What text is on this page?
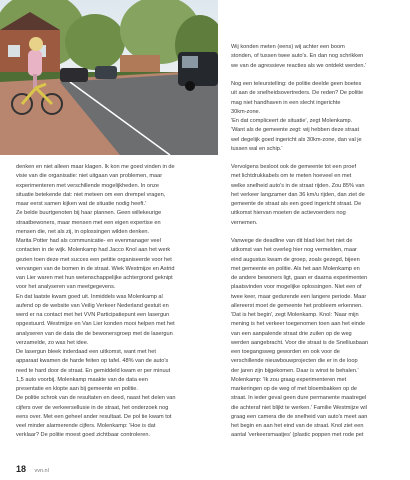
Wij konden meten (eens) wij achter een boom

stonden, of tussen twee auto's. En dan nog schrikken

we van de agressieve reacties als we ontdekt werden.'

Nog een teleurstelling: de politie deelde geen boetes

uit aan de snelheidsovertreders. De reden? De politie

mag niet handhaven in een slecht ingerichte

30km-zone.

'En dat compliceert de situatie', zegt Molenkamp.

'Want als de gemeente zegt: wij hebben deze straat

wel degelijk goed ingericht als 30km-zone, dan val je

tussen wal en schip.'

denken en niet alleen maar klagen. Ik kon me goed vinden in de

visie van die organisatie: niet uitgaan van problemen, maar

experimenteren met verschillende mogelijkheden. In onze

situatie betekende dat: niet meteen om een drempel vragen,

maar eerst samen kijken wat de situatie nodig heeft.'

Ze belde buurtgenoten bij haar plannen. Geen willekeurige

straatbewoners, maar mensen met een eigen expertise en

mensen die, net als zij, in oplossingen wilden denken.

Marita Potter had als communicatie- en evenmanager veel

contacten in de wijk. Molenkamp had Jacco Knol aan het werk

gezien toen deze met succes een petitie organiseerde voor het

vervangen van de bomen in de straat. Wiek Westmijze en Astrid

van Lier waren met hun wetenschappelijke achtergrond geknipt

voor het analyseren van meetgegevens.

En dat laatste kwam goed uit. Inmiddels was Molenkamp al

aufend op de website van Veilig Verkeer Nederland gestuit en

werd er na contact met het VVN Participatiepunt een lasergun

opgestuurd. Westmijze en Van Lier konden mooi helpen met het

analyseren van de data die de bewonersgroep met de lasergun

verzamelde, zo was het idee.

De lasergun bleek inderdaad een uitkomst, want met het

apparaat kwamen de harde feiten op tafel. 48% van de auto's

reed te hard door de straat. En gemiddeld kwam er per minuut

1,5 auto voorbij. Molenkamp maakte van de data een

presentatie en klopte aan bij gemeente en politie.

De politie schrok van de resultaten en deed, naast het delen van

cijfers over de verkeersellusie in de straat, het onderzoek nog

eens over. Met een geheel ander resultaat. De pol tie kwam tot

veel minder alarmerende cijfers. Molenkamp: 'Hoe is dat

verklaar? De politie moest goed zichtbaar controleren.

Vervolgens besloot ook de gemeente tot een proef

met lichtdrukkabels om te meten hoeveel en met

welke snelheid auto's in de straat rijden. Zou 85% van

het verkeer langzamer dan 36 km/u rijden, dan ziet de

gemeente de straat als een goed ingericht straat. De

uitkomst hiervan moeten de actievoerders nog

vernemen.

Vanwege de deadline van dit blad kiet het niet de

uitkomst van het overleg hier nog vermelden, maar

eind augustus kwam de groep, zoals gezegd, bijeen

met gemeente en politie. Als het aan Molenkamp en

de andere bewoners ligt, gaan er daarna experimenten

plaatsvinden voor mogelijke oplossingen. Niet een of

twee keer, maar gedurende een langere periode. Maar

allereerst moet de gemeente het probleem erkennen.

'Dat is het begin', zegt Molenkamp. Knol: 'Naar mijn

mening is het verkeer toegenomen toen aan het einde

van een aanpalende straat drie zuilen op de weg

werden aangebracht. Voor die straat is de Snelliusbaan

een toegangsweg geworden en ook voor de

verschillende nieuwbouwprojecten die er in de loop

der jaren zijn bijgekomen. Daar is winst te behalen.'

Molenkamp: 'Ik zou graag experimenteren met

markeringen op de weg of met bloembakken op de

straat. In ieder geval geen dure permanente maatregel

die achteraf niet blijkt te werken.' Familie Westmijze wil

graag een camera die de snelheid van auto's meet aan

het begin en aan het eind van de straat. Knol ziet een

aantal 'verkeersmaatjes' (plastic poppen met rode pet

18 vvn.nl
